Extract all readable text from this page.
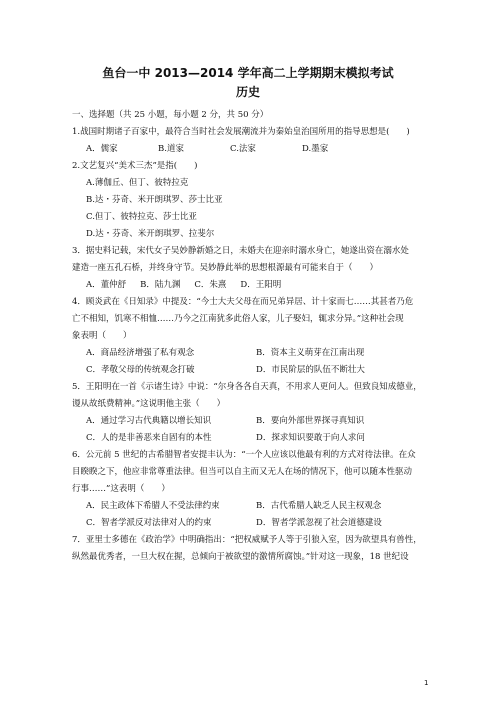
鱼台一中 2013—2014 学年高二上学期期末模拟考试
历史
一、选择题（共 25 小题，每小题 2 分，共 50 分）
1.战国时期诸子百家中，最符合当时社会发展潮流并为秦始皇治国所用的指导思想是(　　)
A．儒家	B.道家	C.法家	D.墨家
2.文艺复兴“美术三杰”是指(　　)
A.薄伽丘、但丁、彼特拉克
B.达・芬奇、米开朗琪罗、莎士比亚
C.但丁、彼特拉克、莎士比亚
D.达・芬奇、米开朗琪罗、拉斐尔
3．据史料记载，宋代女子吴妙静新婚之日，未婚夫在迎亲时溺水身亡，她遂出资在溺水处
建造一座五孔石桥，并终身守节。吴妙静此举的思想根源最有可能来自于（　　）
A．董仲舒 B．陆九渊 C．朱熹 D．王阳明
4．顾炎武在《日知录》中提及：“今士大夫父母在而兄弟异居、计十家而七……其甚者乃危
亡不相知，饥寒不相恤……乃今之江南犹多此俗人家，儿子娶妇，辄求分异。”这种社会现
象表明（　　）
A．商品经济增强了私有观念	B．资本主义萌芽在江南出现
C．孝敬父母的传统观念打破	D．市民阶层的队伍不断壮大
5．王阳明在一首《示诸生诗》中说：“尔身各各自天真，不用求人更问人。但致良知成德业，
谩从故纸费精神。”这说明他主张（　　）
A．通过学习古代典籍以增长知识	B．要向外部世界探寻真知识
C．人的是非善恶来自固有的本性	D．探求知识要敢于向人求问
6．公元前 5 世纪的古希腊智者安提丰认为：“一个人应该以他最有利的方式对待法律。在众
目睽睽之下，他应非常尊重法律。但当可以自主而又无人在场的情况下，他可以随本性驱动
行事……”这表明（　　）
A．民主政体下希腊人不受法律约束	B．古代希腊人缺乏人民主权观念
C．智者学派反对法律对人的约束	D．智者学派忽视了社会道德建设
7．亚里士多德在《政治学》中明确指出：“把权威赋予人等于引狼入室，因为欲望具有兽性，
纵然最优秀者，一旦大权在握，总倾向于被欲望的激情所腐蚀。”针对这一现象，18 世纪设
1
